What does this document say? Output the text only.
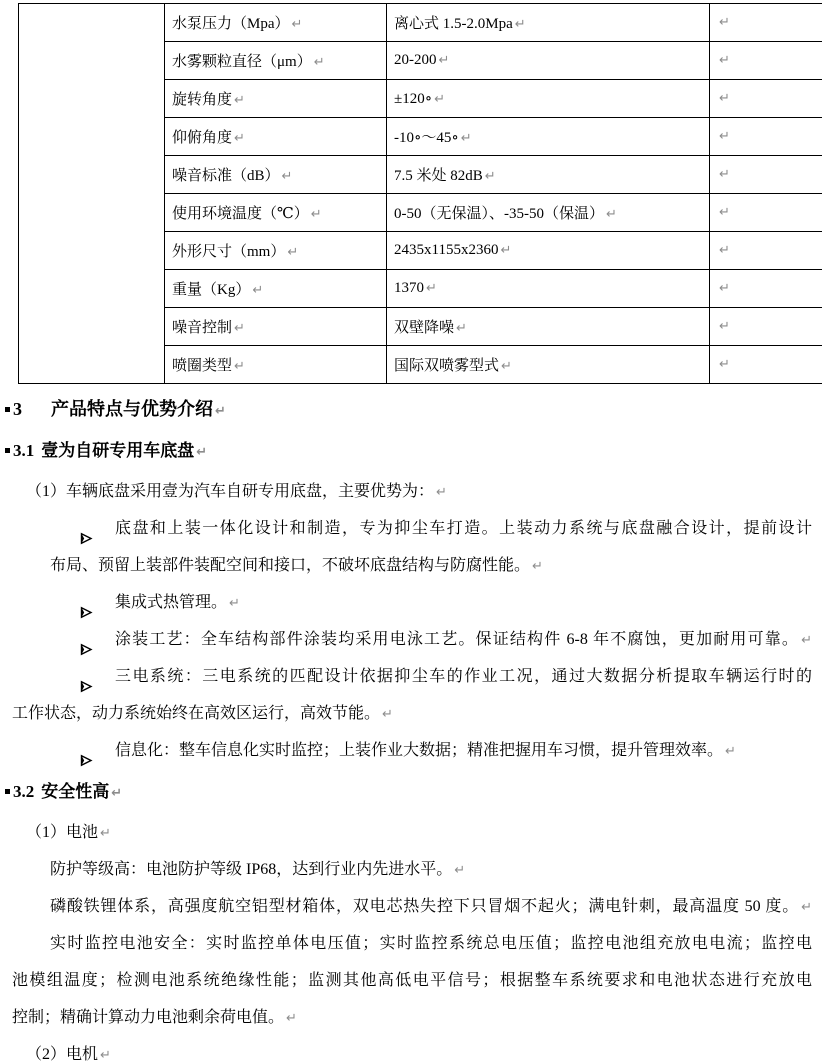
	水泵压力（Mpa） ↵	离心式 1.5-2.0Mpa ↵	↵
	水雾颗粒直径（μm） ↵	20-200 ↵	↵
	旋转角度 ↵	±120∘ ↵	↵
	仰俯角度 ↵	-10∘～45∘ ↵	↵
	噪音标准（dB） ↵	7.5 米处 82dB ↵	↵
	使用环境温度（℃） ↵	0-50（无保温）、-35-50（保温） ↵	↵
	外形尺寸（mm） ↵	2435x1155x2360 ↵	↵
	重量（Kg） ↵	1370 ↵	↵
	噪音控制 ↵	双壁降噪 ↵	↵
	喷圈类型 ↵	国际双喷雾型式 ↵	↵
3 产品特点与优势介绍 ↵
3.1 壹为自研专用车底盘 ↵
（1）车辆底盘采用壹为汽车自研专用底盘，主要优势为： ↵
底盘和上装一体化设计和制造，专为抑尘车打造。上装动力系统与底盘融合设计，提前设计
布局、预留上装部件装配空间和接口，不破坏底盘结构与防腐性能。 ↵
集成式热管理。 ↵
涂装工艺：全车结构部件涂装均采用电泳工艺。保证结构件 6-8 年不腐蚀，更加耐用可靠。 ↵
三电系统：三电系统的匹配设计依据抑尘车的作业工况，通过大数据分析提取车辆运行时的
工作状态，动力系统始终在高效区运行，高效节能。 ↵
信息化：整车信息化实时监控；上装作业大数据；精准把握用车习惯，提升管理效率。 ↵
3.2 安全性高 ↵
（1）电池 ↵
防护等级高：电池防护等级 IP68，达到行业内先进水平。 ↵
磷酸铁锂体系，高强度航空铝型材箱体，双电芯热失控下只冒烟不起火；满电针刺，最高温度 50 度。 ↵
实时监控电池安全：实时监控单体电压值；实时监控系统总电压值；监控电池组充放电电流；监控电
池模组温度；检测电池系统绝缘性能；监测其他高低电平信号；根据整车系统要求和电池状态进行充放电
控制；精确计算动力电池剩余荷电值。 ↵
（2）电机 ↵
